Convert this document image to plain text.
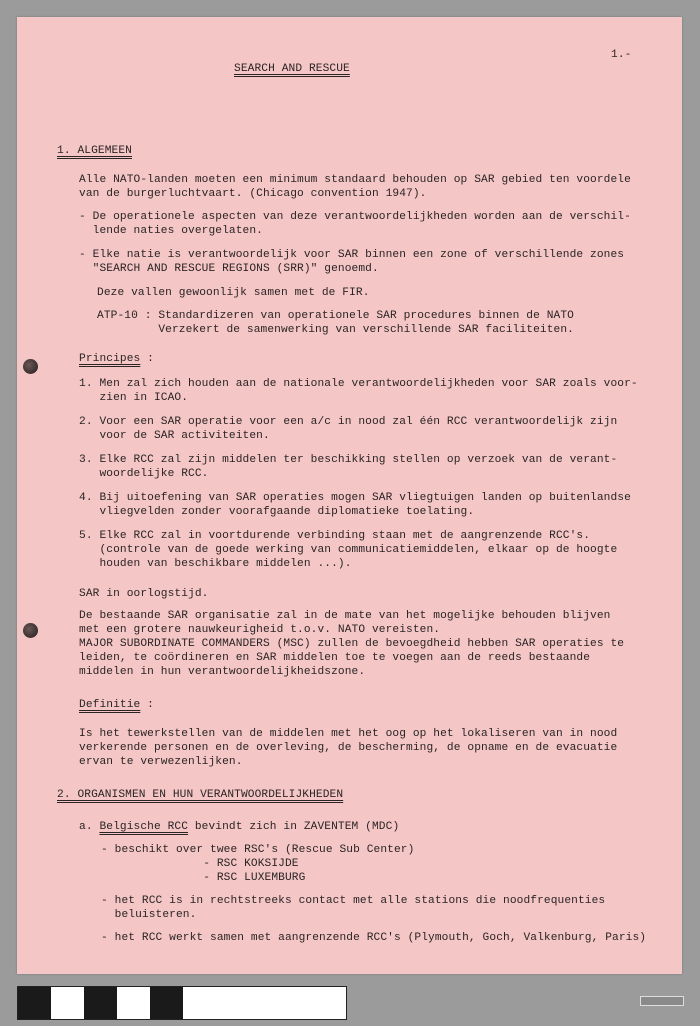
1.-
SEARCH AND RESCUE
1. ALGEMEEN
Alle NATO-landen moeten een minimum standaard behouden op SAR gebied ten voordele
van de burgerluchtvaart. (Chicago convention 1947).
- De operationele aspecten van deze verantwoordelijkheden worden aan de verschil-
lende naties overgelaten.
- Elke natie is verantwoordelijk voor SAR binnen een zone of verschillende zones
"SEARCH AND RESCUE REGIONS (SRR)" genoemd.
Deze vallen gewoonlijk samen met de FIR.
ATP-10 : Standardizeren van operationele SAR procedures binnen de NATO
Verzekert de samenwerking van verschillende SAR faciliteiten.
Principes :
1. Men zal zich houden aan de nationale verantwoordelijkheden voor SAR zoals voor-
zien in ICAO.
2. Voor een SAR operatie voor een a/c in nood zal één RCC verantwoordelijk zijn
voor de SAR activiteiten.
3. Elke RCC zal zijn middelen ter beschikking stellen op verzoek van de verant-
woordelijke RCC.
4. Bij uitoefening van SAR operaties mogen SAR vliegtuigen landen op buitenlandse
vliegvelden zonder voorafgaande diplomatieke toelating.
5. Elke RCC zal in voortdurende verbinding staan met de aangrenzende RCC's.
(controle van de goede werking van communicatiemiddelen, elkaar op de hoogte
houden van beschikbare middelen ...).
SAR in oorlogstijd.
De bestaande SAR organisatie zal in de mate van het mogelijke behouden blijven
met een grotere nauwkeurigheid t.o.v. NATO vereisten.
MAJOR SUBORDINATE COMMANDERS (MSC) zullen de bevoegdheid hebben SAR operaties te
leiden, te coördineren en SAR middelen toe te voegen aan de reeds bestaande
middelen in hun verantwoordelijkheidszone.
Definitie :
Is het tewerkstellen van de middelen met het oog op het lokaliseren van in nood
verkerende personen en de overleving, de bescherming, de opname en de evacuatie
ervan te verwezenlijken.
2. ORGANISMEN EN HUN VERANTWOORDELIJKHEDEN
a. Belgische RCC bevindt zich in ZAVENTEM (MDC)
- beschikt over twee RSC's (Rescue Sub Center)
- RSC KOKSIJDE
- RSC LUXEMBURG
- het RCC is in rechtstreeks contact met alle stations die noodfrequenties
beluisteren.
- het RCC werkt samen met aangrenzende RCC's (Plymouth, Goch, Valkenburg, Paris)
